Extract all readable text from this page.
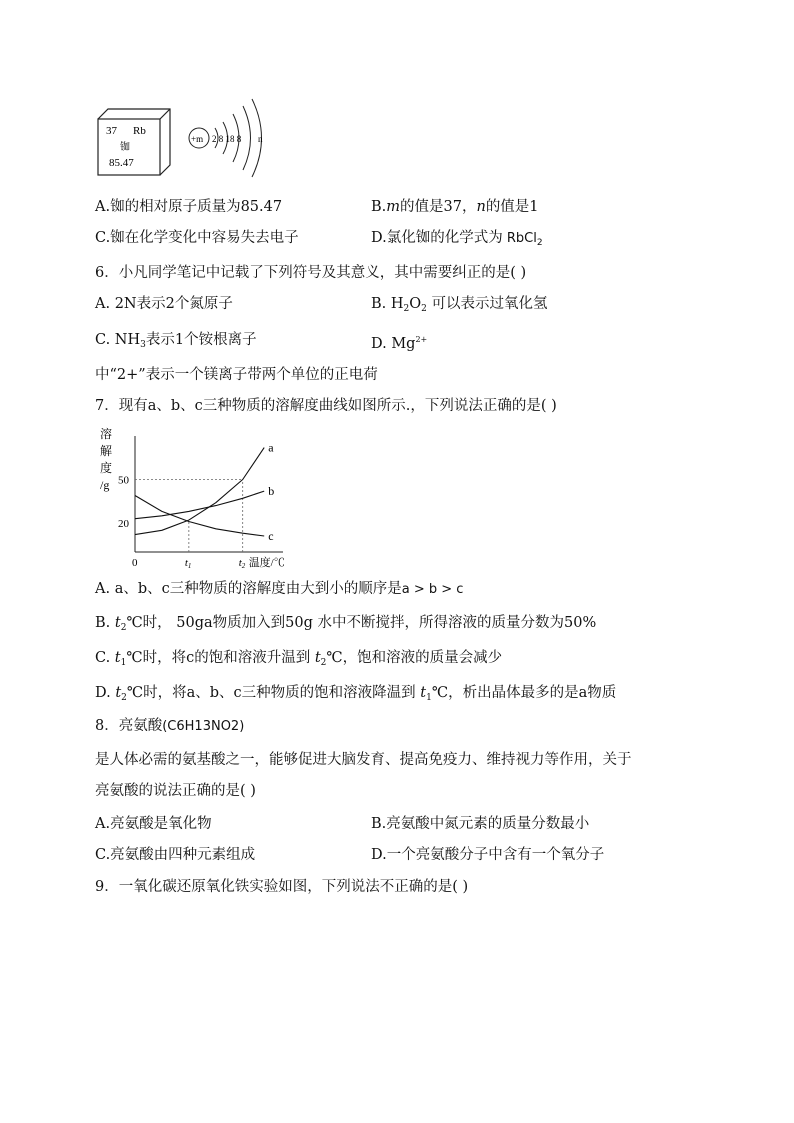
37 Rb
铷
85.47
+m 2 8 18 8 n
A.铷的相对原子质量为85.47	B.m的值是37，n的值是1
C.铷在化学变化中容易失去电子	D.氯化铷的化学式为 RbCl$_2$
6．小凡同学笔记中记载了下列符号及其意义，其中需要纠正的是( )
A. 2N表示2个氮原子	B. $H_2O_2$ 可以表示过氧化氢
C. $NH_3$表示1个铵根离子	D. $Mg^{2+}$
中“2+”表示一个镁离子带两个单位的正电荷
7．现有a、b、c三种物质的溶解度曲线如图所示.，下列说法正确的是( )
溶
解
度
/g
20
50
0	t1	t2 温度/℃
a
b
c
A. a、b、c三种物质的溶解度由大到小的顺序是a > b > c
B. $t_2℃$时， 50ga物质加入到50g 水中不断搅拌，所得溶液的质量分数为50%
C. $t_1℃$时，将c的饱和溶液升温到 $t_2℃$，饱和溶液的质量会减少
D. $t_2℃$时，将a、b、c三种物质的饱和溶液降温到 $t_1℃$，析出晶体最多的是a物质
8．亮氨酸(C6H13NO2)
是人体必需的氨基酸之一，能够促进大脑发育、提高免疫力、维持视力等作用，关于
亮氨酸的说法正确的是( )
A.亮氨酸是氧化物	B.亮氨酸中氮元素的质量分数最小
C.亮氨酸由四种元素组成	D.一个亮氨酸分子中含有一个氧分子
9．一氧化碳还原氧化铁实验如图，下列说法不正确的是( )
